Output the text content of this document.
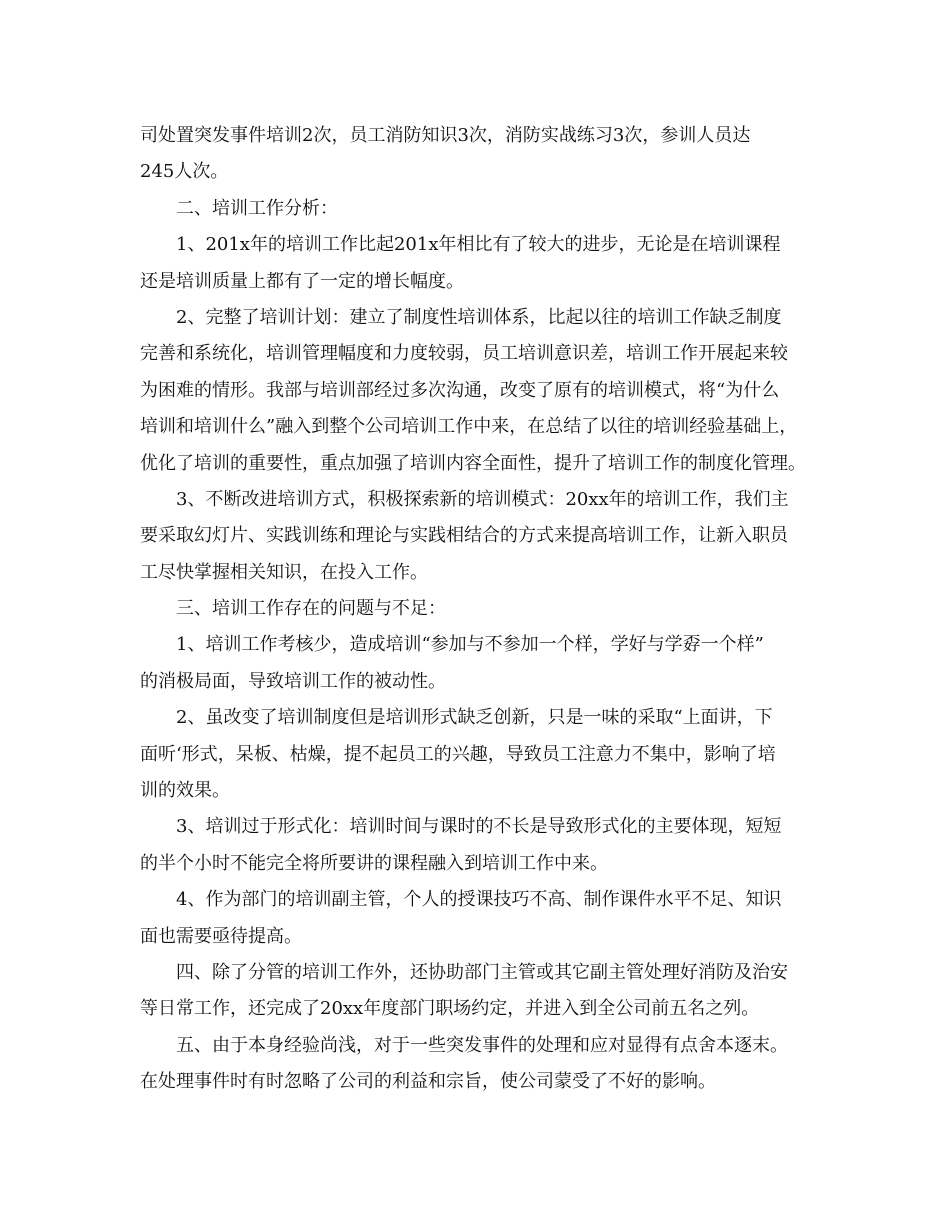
司处置突发事件培训2次，员工消防知识3次，消防实战练习3次，参训人员达

245人次。

二、培训工作分析：

1、201x年的培训工作比起201x年相比有了较大的进步，无论是在培训课程

还是培训质量上都有了一定的增长幅度。

2、完整了培训计划：建立了制度性培训体系，比起以往的培训工作缺乏制度

完善和系统化，培训管理幅度和力度较弱，员工培训意识差，培训工作开展起来较

为困难的情形。我部与培训部经过多次沟通，改变了原有的培训模式，将“为什么

培训和培训什么”融入到整个公司培训工作中来，在总结了以往的培训经验基础上，

优化了培训的重要性，重点加强了培训内容全面性，提升了培训工作的制度化管理。

3、不断改进培训方式，积极探索新的培训模式：20xx年的培训工作，我们主

要采取幻灯片、实践训练和理论与实践相结合的方式来提高培训工作，让新入职员

工尽快掌握相关知识，在投入工作。

三、培训工作存在的问题与不足：

1、培训工作考核少，造成培训“参加与不参加一个样，学好与学孬一个样”

的消极局面，导致培训工作的被动性。

2、虽改变了培训制度但是培训形式缺乏创新，只是一味的采取“上面讲，下

面听‘形式，呆板、枯燥，提不起员工的兴趣，导致员工注意力不集中，影响了培

训的效果。

3、培训过于形式化：培训时间与课时的不长是导致形式化的主要体现，短短

的半个小时不能完全将所要讲的课程融入到培训工作中来。

4、作为部门的培训副主管，个人的授课技巧不高、制作课件水平不足、知识

面也需要亟待提高。

四、除了分管的培训工作外，还协助部门主管或其它副主管处理好消防及治安

等日常工作，还完成了20xx年度部门职场约定，并进入到全公司前五名之列。

五、由于本身经验尚浅，对于一些突发事件的处理和应对显得有点舍本逐末。

在处理事件时有时忽略了公司的利益和宗旨，使公司蒙受了不好的影响。
